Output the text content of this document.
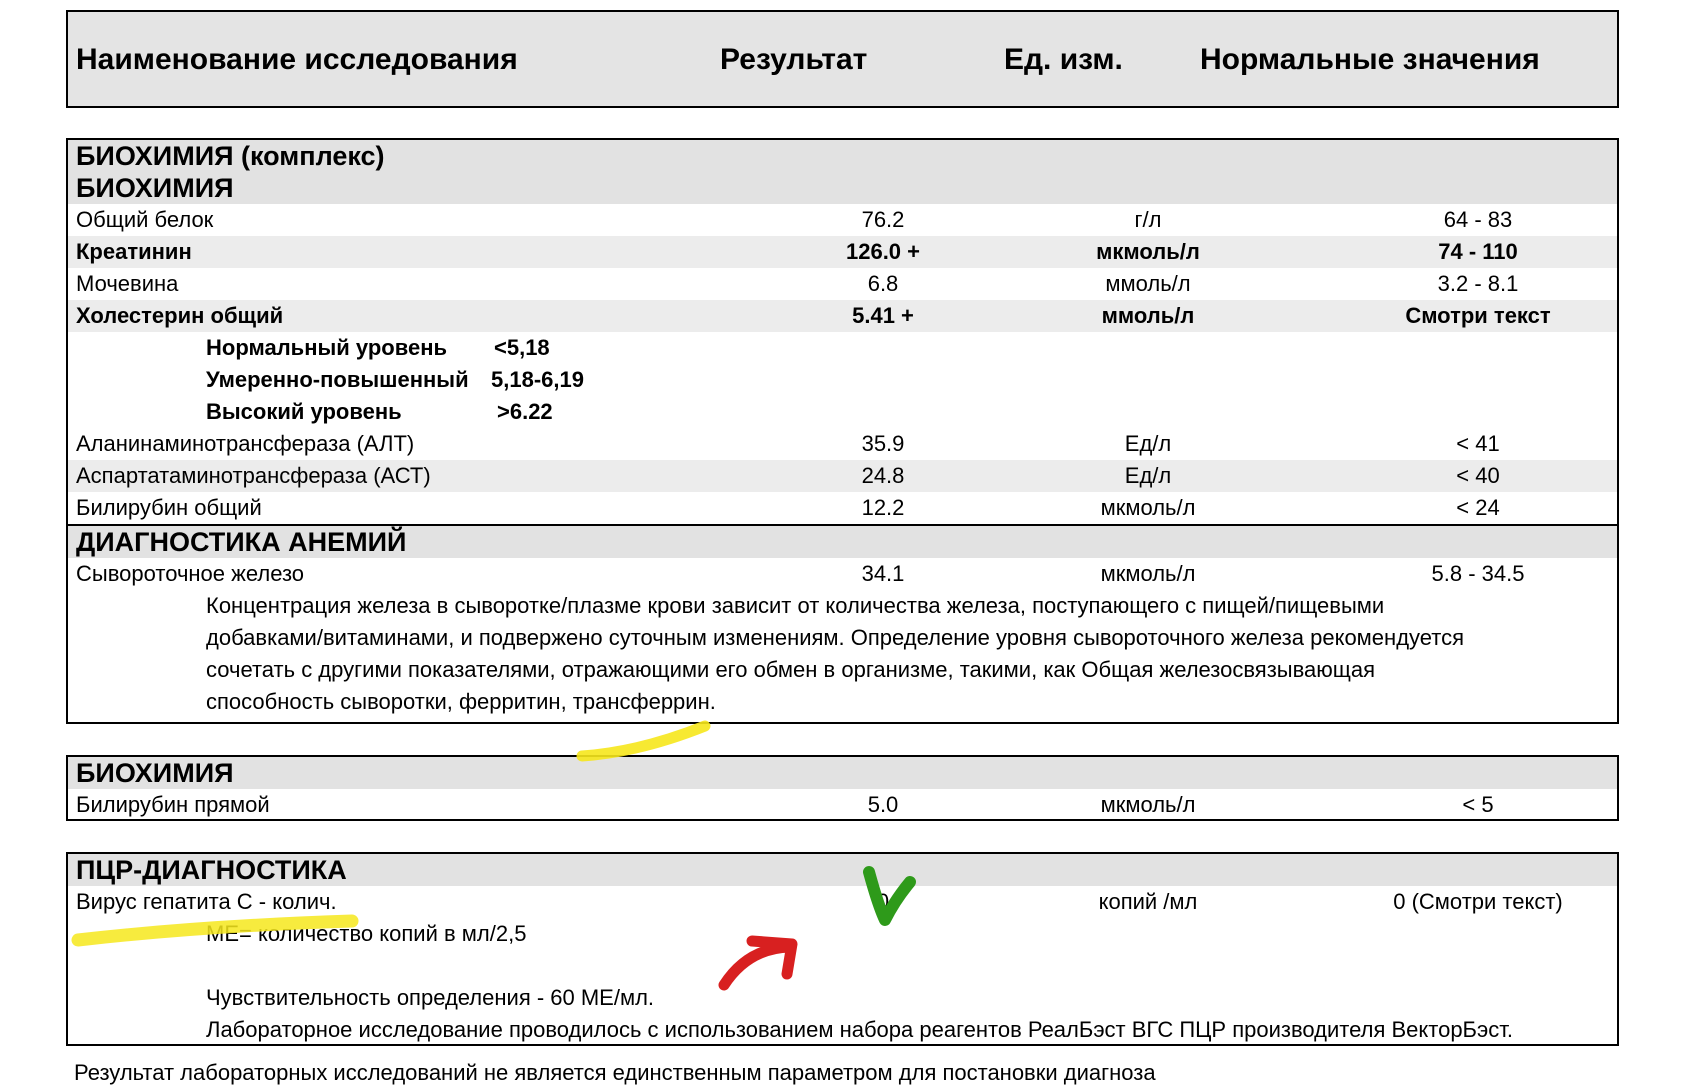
Наименование исследования	Результат	Ед. изм.	Нормальные значения
БИОХИМИЯ (комплекс)
БИОХИМИЯ
Общий белок	76.2	г/л	64 - 83
Креатинин	126.0 +	мкмоль/л	74 - 110
Мочевина	6.8	ммоль/л	3.2 - 8.1
Холестерин общий	5.41 +	ммоль/л	Смотри текст
Нормальный уровень <5,18
Умеренно-повышенный 5,18-6,19
Высокий уровень	>6.22
Аланинаминотрансфераза (АЛТ)	35.9	Ед/л	< 41
Аспартатаминотрансфераза (АСТ)	24.8	Ед/л	< 40
Билирубин общий	12.2	мкмоль/л	< 24
ДИАГНОСТИКА АНЕМИЙ
Сывороточное железо	34.1	мкмоль/л	5.8 - 34.5
Концентрация железа в сыворотке/плазме крови зависит от количества железа, поступающего с пищей/пищевыми
добавками/витаминами, и подвержено суточным изменениям. Определение уровня сывороточного железа рекомендуется
сочетать с другими показателями, отражающими его обмен в организме, такими, как Общая железосвязывающая
способность сыворотки, ферритин, трансферрин.
БИОХИМИЯ
Билирубин прямой	5.0	мкмоль/л	< 5
ПЦР-ДИАГНОСТИКА
Вирус гепатита С - колич.	0	копий /мл	0 (Смотри текст)
МЕ= количество копий в мл/2,5
Чувствительность определения - 60 МЕ/мл.
Лабораторное исследование проводилось с использованием набора реагентов РеалБэст ВГС ПЦР производителя ВекторБэст.
Результат лабораторных исследований не является единственным параметром для постановки диагноза
